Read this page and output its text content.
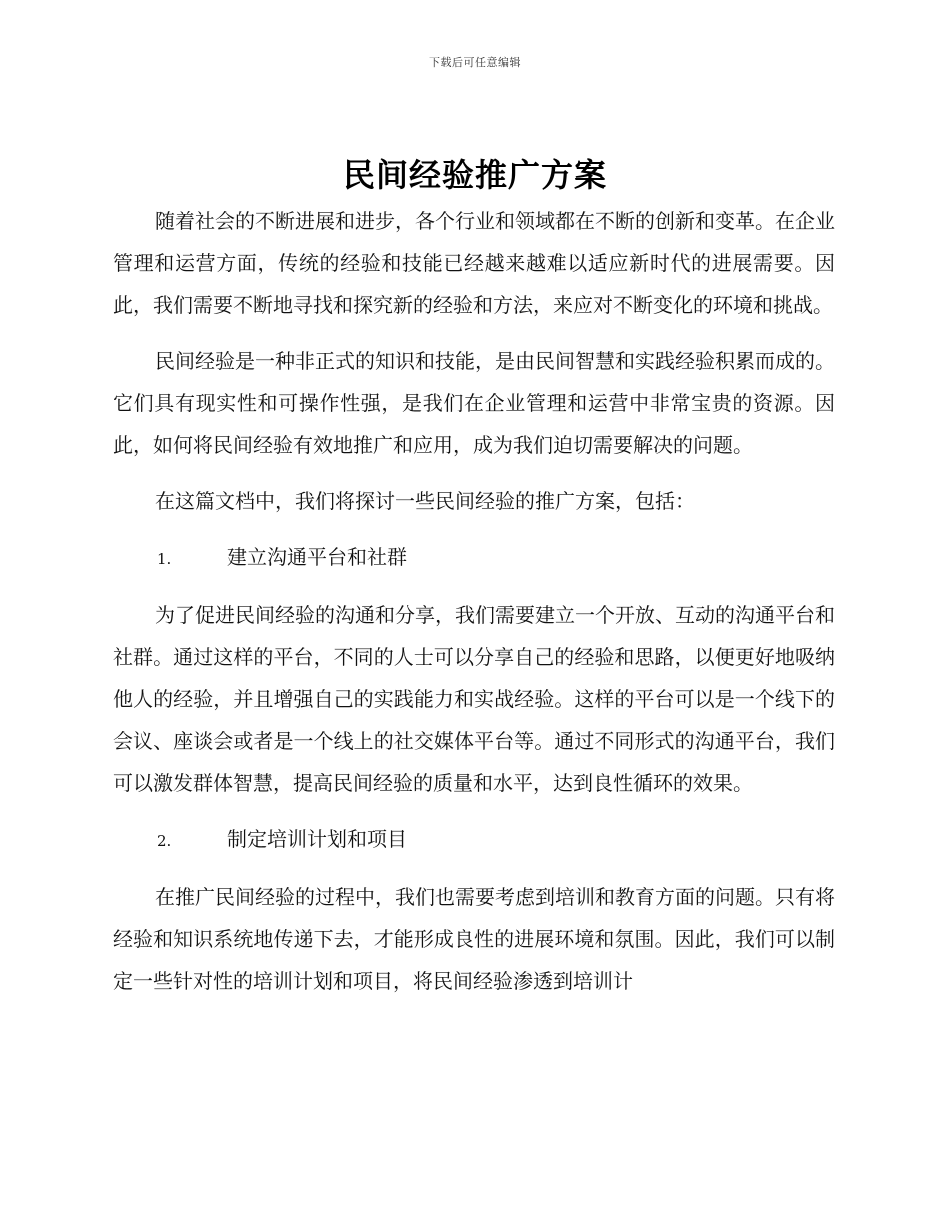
下载后可任意编辑
民间经验推广方案

随着社会的不断进展和进步，各个行业和领域都在不断的创新和变革。在企业管理和运营方面，传统的经验和技能已经越来越难以适应新时代的进展需要。因此，我们需要不断地寻找和探究新的经验和方法，来应对不断变化的环境和挑战。

民间经验是一种非正式的知识和技能，是由民间智慧和实践经验积累而成的。它们具有现实性和可操作性强，是我们在企业管理和运营中非常宝贵的资源。因此，如何将民间经验有效地推广和应用，成为我们迫切需要解决的问题。

在这篇文档中，我们将探讨一些民间经验的推广方案，包括：

1.	建立沟通平台和社群

为了促进民间经验的沟通和分享，我们需要建立一个开放、互动的沟通平台和社群。通过这样的平台，不同的人士可以分享自己的经验和思路，以便更好地吸纳他人的经验，并且增强自己的实践能力和实战经验。这样的平台可以是一个线下的会议、座谈会或者是一个线上的社交媒体平台等。通过不同形式的沟通平台，我们可以激发群体智慧，提高民间经验的质量和水平，达到良性循环的效果。

2.	制定培训计划和项目

在推广民间经验的过程中，我们也需要考虑到培训和教育方面的问题。只有将经验和知识系统地传递下去，才能形成良性的进展环境和氛围。因此，我们可以制定一些针对性的培训计划和项目，将民间经验渗透到培训计
